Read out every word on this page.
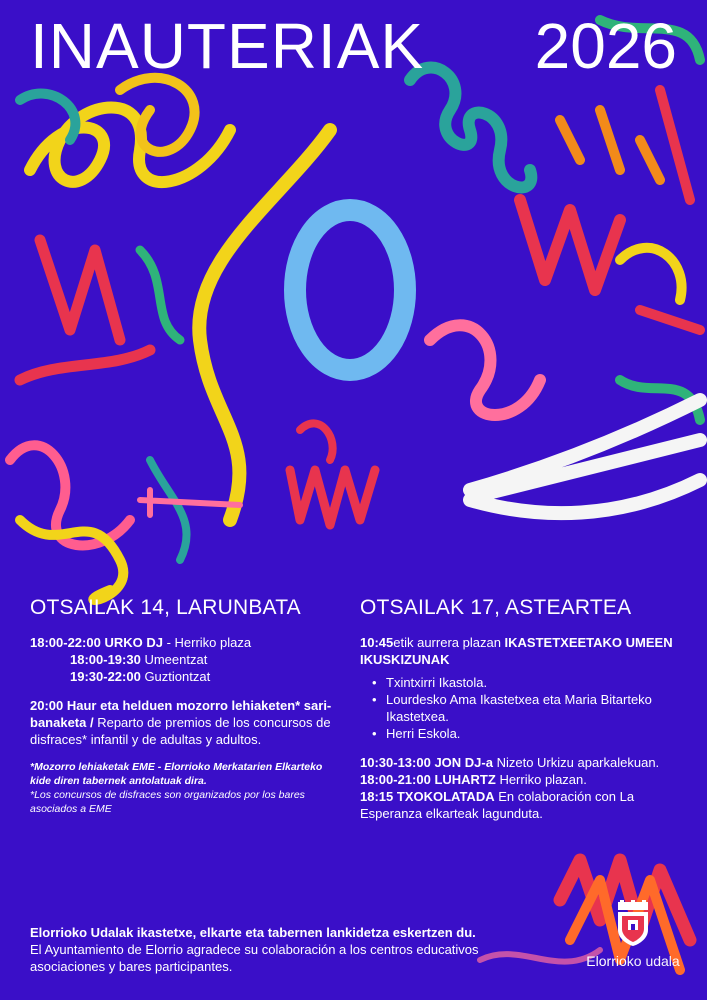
INAUTERIAK 2026
OTSAILAK 14, LARUNBATA
18:00-22:00 URKO DJ - Herriko plaza
18:00-19:30 Umeentzat
19:30-22:00 Guztiontzat
20:00 Haur eta helduen mozorro lehiaketen* sari-banaketa / Reparto de premios de los concursos de disfraces* infantil y de adultas y adultos.
*Mozorro lehiaketak EME - Elorrioko Merkatarien Elkarteko kide diren tabernek antolatuak dira.
*Los concursos de disfraces son organizados por los bares asociados a EME
OTSAILAK 17, ASTEARTEA
10:45etik aurrera plazan IKASTETXEETAKO UMEEN IKUSKIZUNAK
• Txintxirri Ikastola.
• Lourdesko Ama Ikastetxea eta Maria Bitarteko Ikastetxea.
• Herri Eskola.
10:30-13:00 JON DJ-a Nizeto Urkizu aparkalekuan.
18:00-21:00 LUHARTZ Herriko plazan.
18:15 TXOKOLATADA En colaboración con La Esperanza elkarteak lagunduta.
Elorrioko Udalak ikastetxe, elkarte eta tabernen lankidetza eskertzen du.
El Ayuntamiento de Elorrio agradece su colaboración a los centros educativos asociaciones y bares participantes.	Elorrioko udala
